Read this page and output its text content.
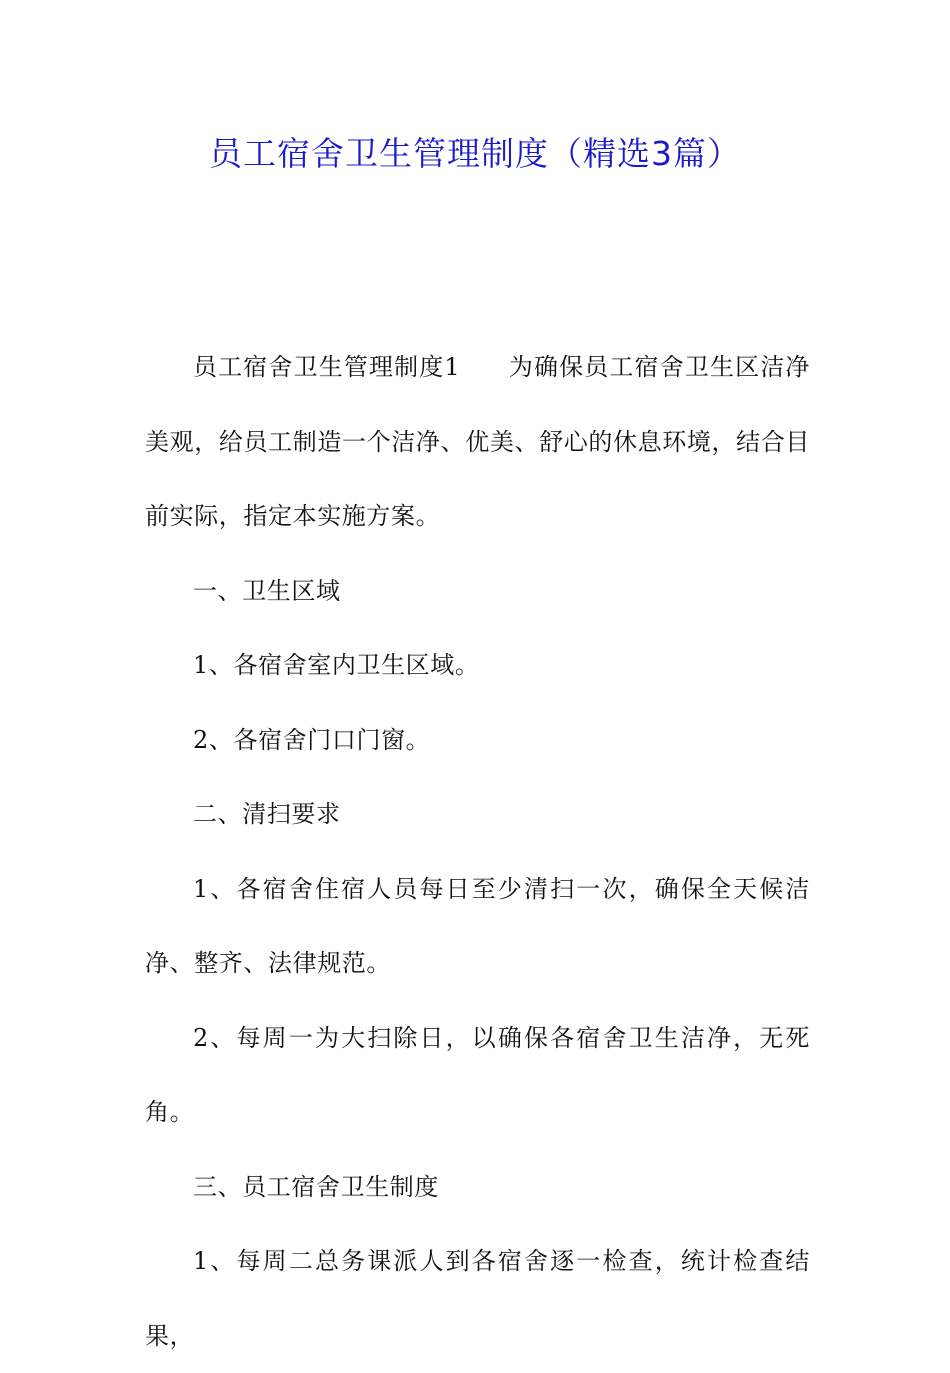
员工宿舍卫生管理制度（精选3篇）

员工宿舍卫生管理制度1 为确保员工宿舍卫生区洁净美观，给员工制造一个洁净、优美、舒心的休息环境，结合目前实际，指定本实施方案。

一、卫生区域

1、各宿舍室内卫生区域。

2、各宿舍门口门窗。

二、清扫要求

1、各宿舍住宿人员每日至少清扫一次，确保全天候洁净、整齐、法律规范。

2、每周一为大扫除日，以确保各宿舍卫生洁净，无死角。

三、员工宿舍卫生制度

1、每周二总务课派人到各宿舍逐一检查，统计检查结果，
